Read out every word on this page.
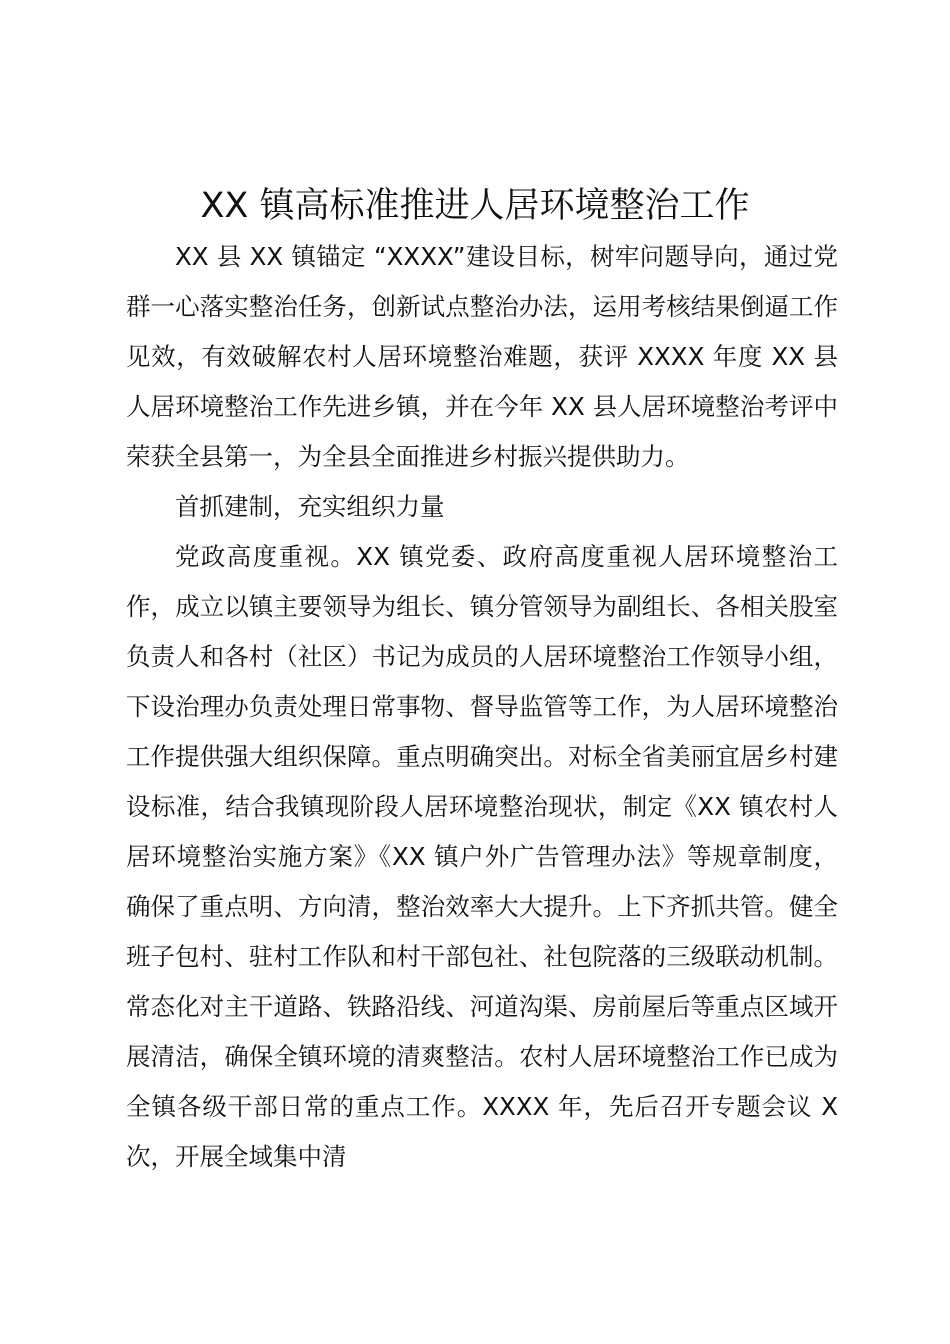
XX 镇高标准推进人居环境整治工作

XX 县 XX 镇锚定 “XXXX”建设目标，树牢问题导向，通过党群一心落实整治任务，创新试点整治办法，运用考核结果倒逼工作见效，有效破解农村人居环境整治难题，获评 XXXX 年度 XX 县人居环境整治工作先进乡镇，并在今年 XX 县人居环境整治考评中荣获全县第一，为全县全面推进乡村振兴提供助力。

首抓建制，充实组织力量

党政高度重视。XX 镇党委、政府高度重视人居环境整治工作，成立以镇主要领导为组长、镇分管领导为副组长、各相关股室负责人和各村（社区）书记为成员的人居环境整治工作领导小组，下设治理办负责处理日常事物、督导监管等工作，为人居环境整治工作提供强大组织保障。重点明确突出。对标全省美丽宜居乡村建设标准，结合我镇现阶段人居环境整治现状，制定《XX 镇农村人居环境整治实施方案》《XX 镇户外广告管理办法》等规章制度，确保了重点明、方向清，整治效率大大提升。上下齐抓共管。健全班子包村、驻村工作队和村干部包社、社包院落的三级联动机制。常态化对主干道路、铁路沿线、河道沟渠、房前屋后等重点区域开展清洁，确保全镇环境的清爽整洁。农村人居环境整治工作已成为全镇各级干部日常的重点工作。XXXX 年，先后召开专题会议 X 次，开展全域集中清
